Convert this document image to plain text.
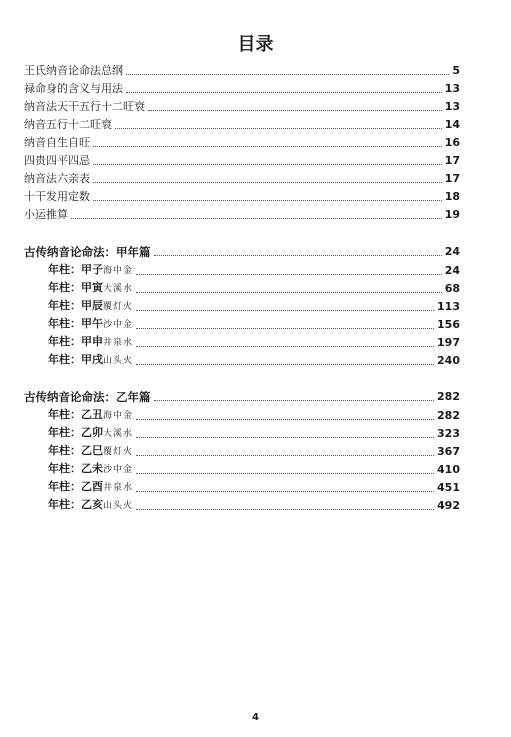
目录
王氏纳音论命法总纲	5
禄命身的含义与用法	13
纳音法天干五行十二旺衰	13
纳音五行十二旺衰	14
纳音自生自旺	16
四贵四平四忌	17
纳音法六亲表	17
十干发用定数	18
小运推算	19
古传纳音论命法：甲年篇	24
年柱：甲子海中金	24
年柱：甲寅大溪水	68
年柱：甲辰覆灯火	113
年柱：甲午沙中金	156
年柱：甲申井泉水	197
年柱：甲戌山头火	240
古传纳音论命法：乙年篇	282
年柱：乙丑海中金	282
年柱：乙卯大溪水	323
年柱：乙巳覆灯火	367
年柱：乙未沙中金	410
年柱：乙酉井泉水	451
年柱：乙亥山头火	492
4
